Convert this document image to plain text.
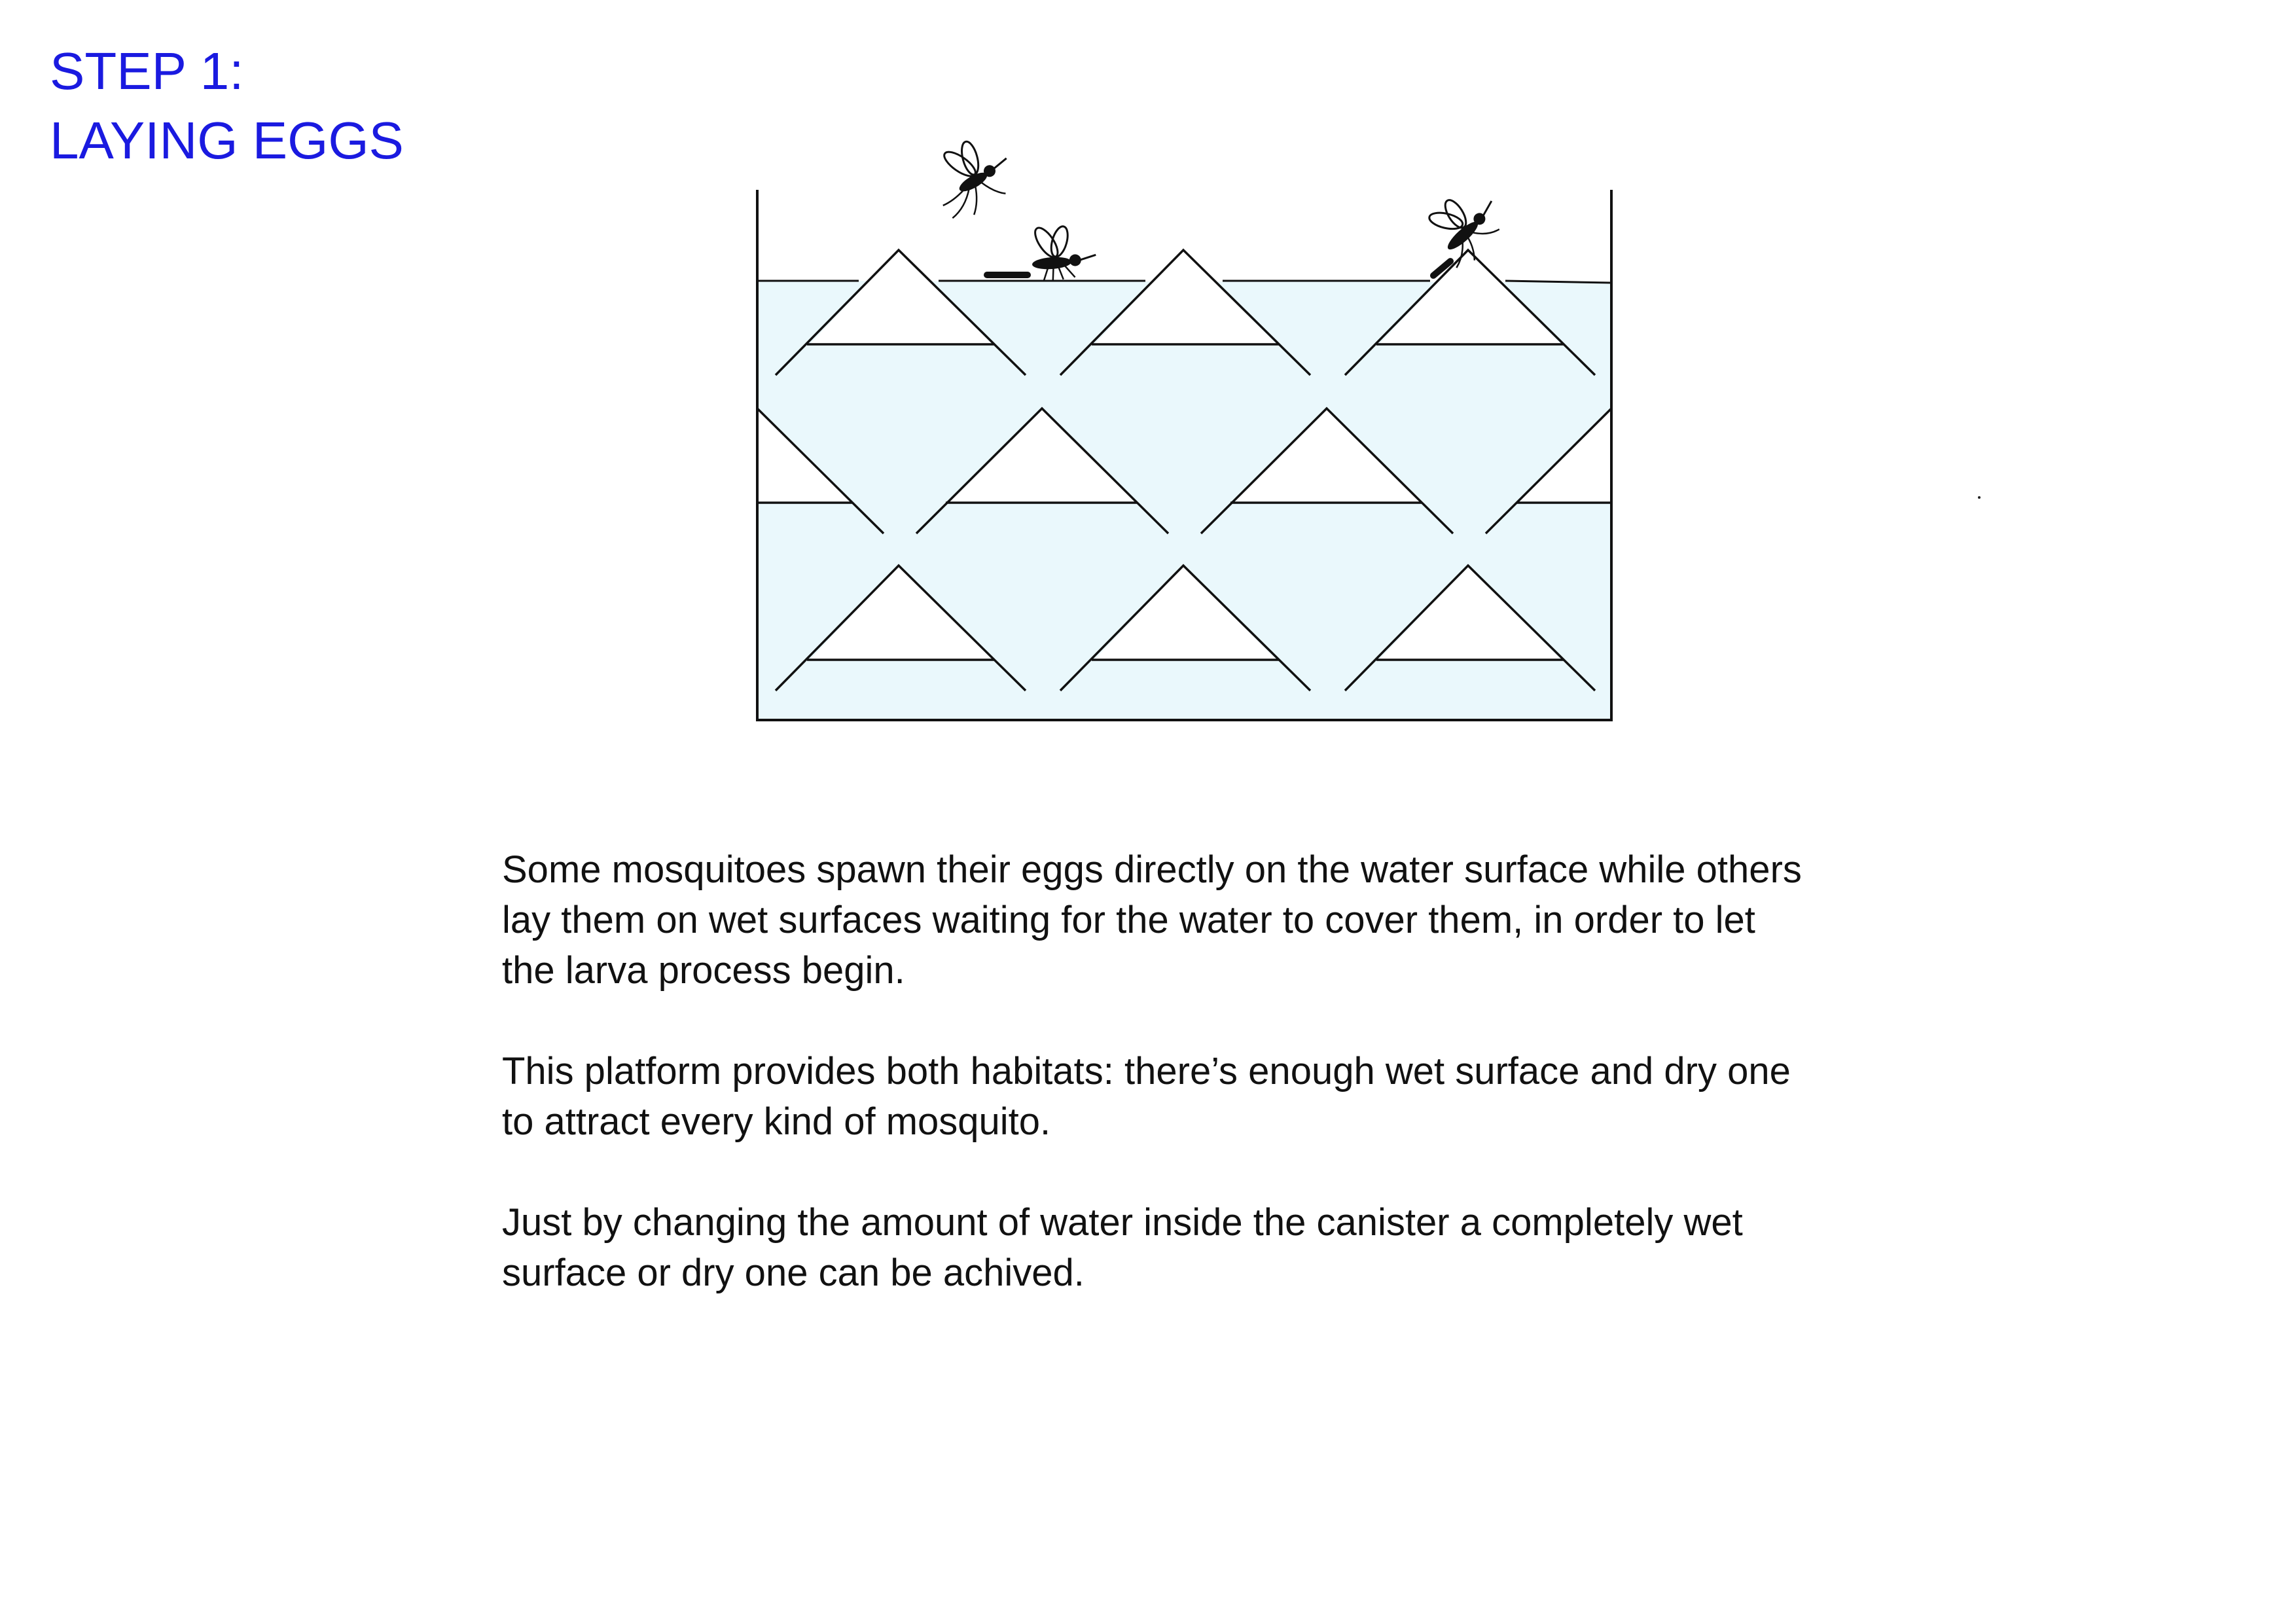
STEP 1:
LAYING EGGS

Some mosquitoes spawn their eggs directly on the water surface while others
lay them on wet surfaces waiting for the water to cover them, in order to let
the larva process begin.

This platform provides both habitats: there’s enough wet surface and dry one
to attract every kind of mosquito.

Just by changing the amount of water inside the canister a completely wet
surface or dry one can be achived.
